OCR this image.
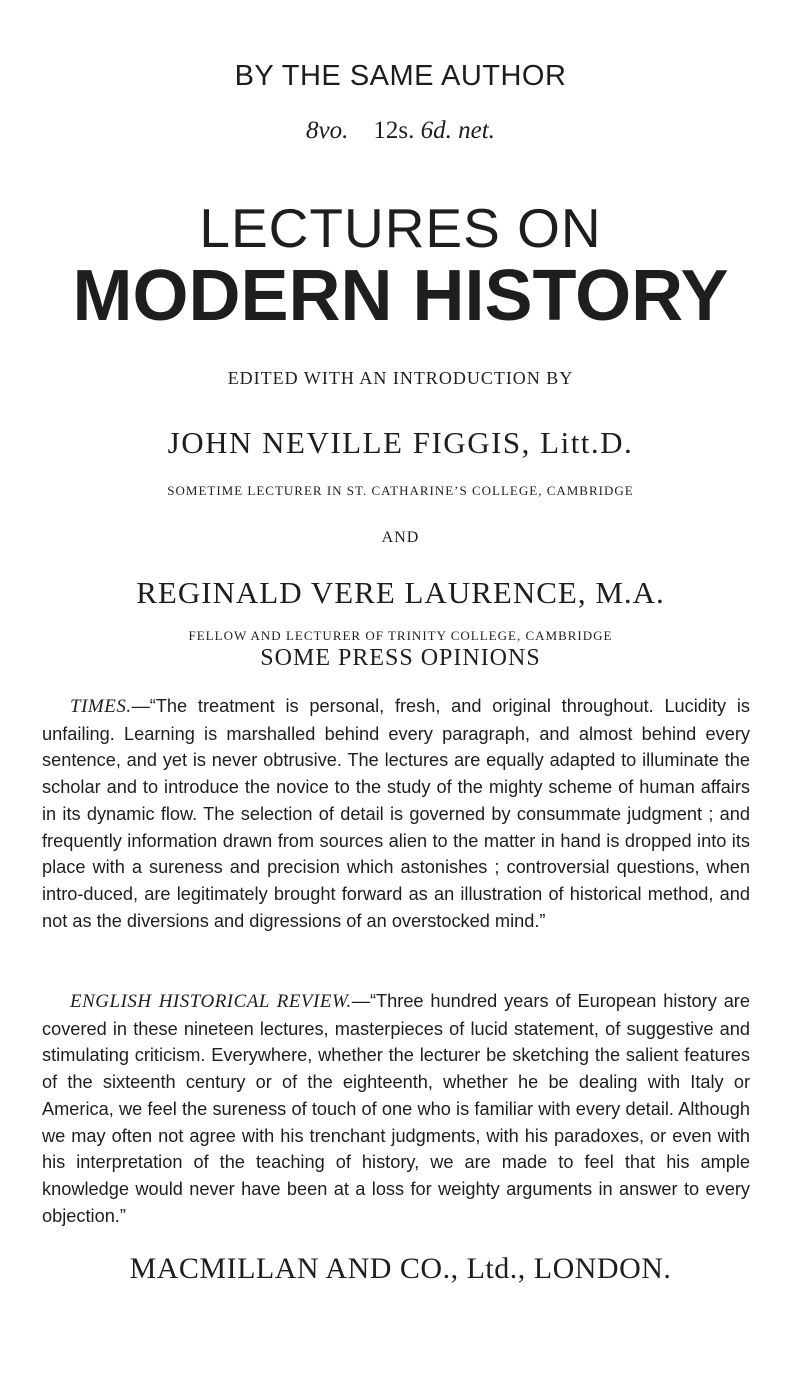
BY THE SAME AUTHOR
8vo. 12s. 6d. net.
LECTURES ON
MODERN HISTORY
EDITED WITH AN INTRODUCTION BY
JOHN NEVILLE FIGGIS, Litt.D.
SOMETIME LECTURER IN ST. CATHARINE’S COLLEGE, CAMBRIDGE
AND
REGINALD VERE LAURENCE, M.A.
FELLOW AND LECTURER OF TRINITY COLLEGE, CAMBRIDGE
SOME PRESS OPINIONS

TIMES.—“The treatment is personal, fresh, and original throughout. Lucidity is unfailing. Learning is marshalled behind every paragraph, and almost behind every sentence, and yet is never obtrusive. The lectures are equally adapted to illuminate the scholar and to introduce the novice to the study of the mighty scheme of human affairs in its dynamic flow. The selection of detail is governed by consummate judgment ; and frequently information drawn from sources alien to the matter in hand is dropped into its place with a sureness and precision which astonishes ; controversial questions, when intro-duced, are legitimately brought forward as an illustration of historical method, and not as the diversions and digressions of an overstocked mind.”

ENGLISH HISTORICAL REVIEW.—“Three hundred years of European history are covered in these nineteen lectures, masterpieces of lucid statement, of suggestive and stimulating criticism. Everywhere, whether the lecturer be sketching the salient features of the sixteenth century or of the eighteenth, whether he be dealing with Italy or America, we feel the sureness of touch of one who is familiar with every detail. Although we may often not agree with his trenchant judgments, with his paradoxes, or even with his interpretation of the teaching of history, we are made to feel that his ample knowledge would never have been at a loss for weighty arguments in answer to every objection.”

MACMILLAN AND CO., Ltd., LONDON.
